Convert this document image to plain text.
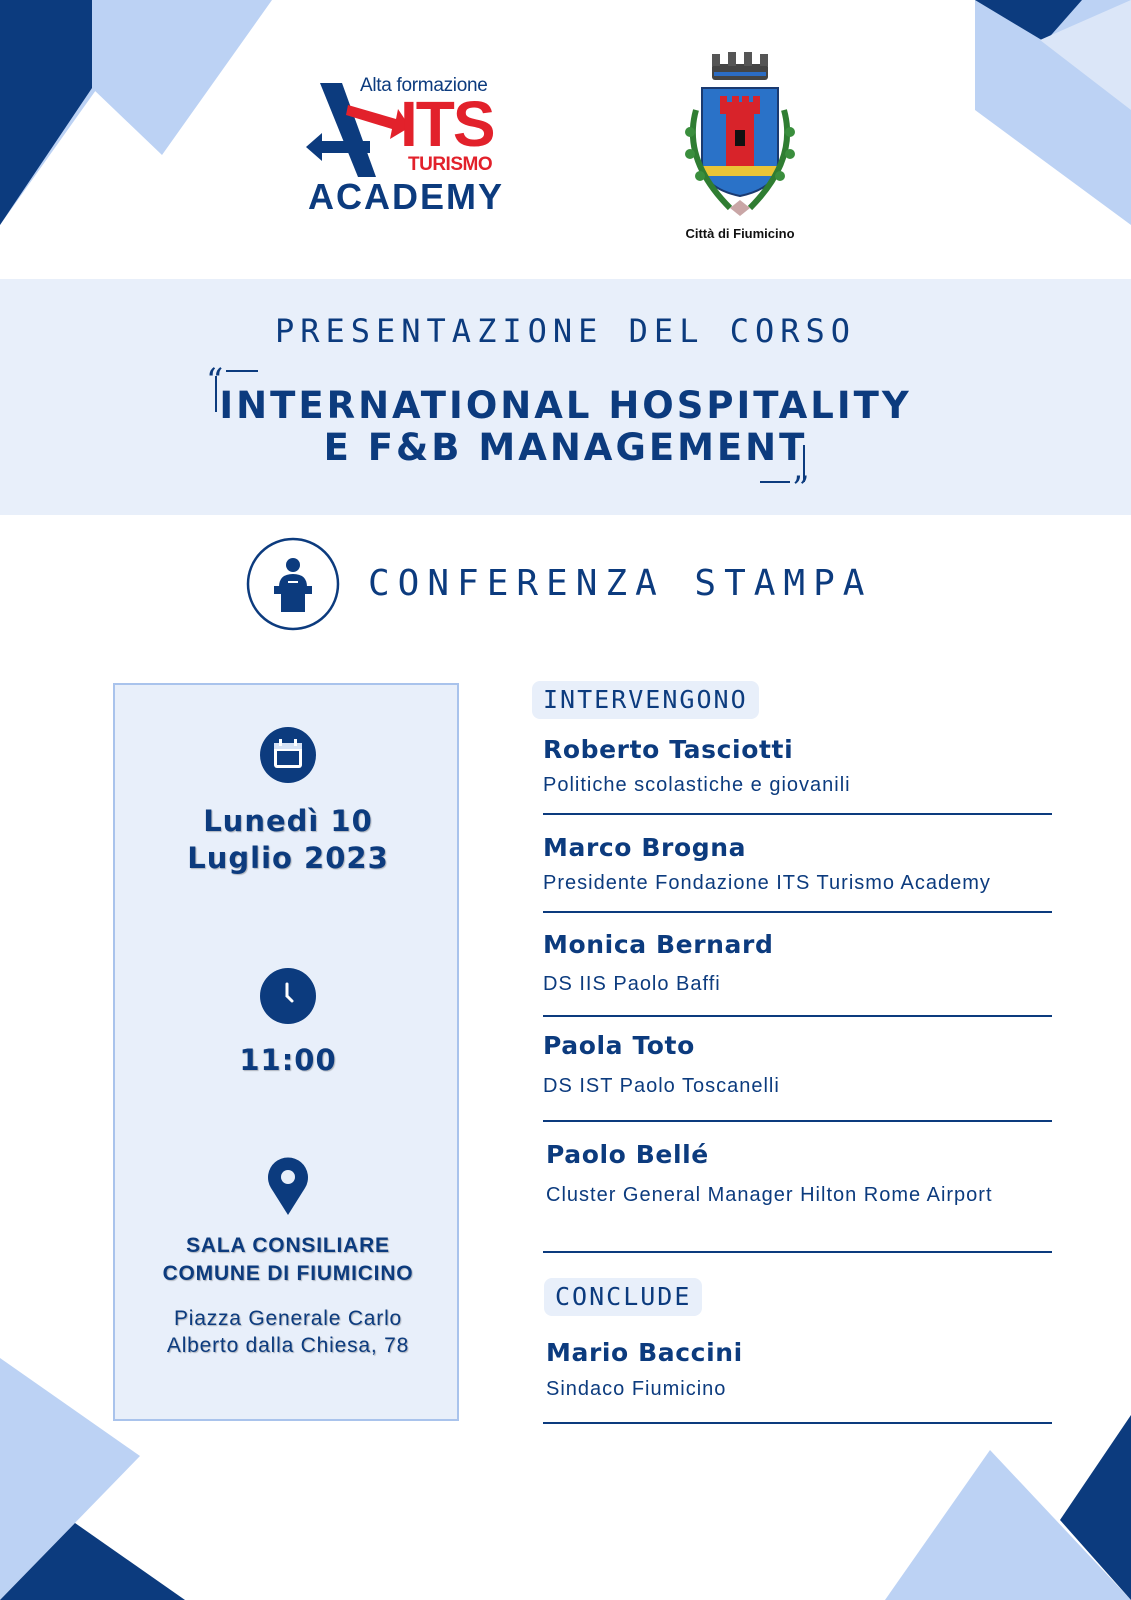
Alta formazione
ITS
TURISMO
ACADEMY
Città di Fiumicino
PRESENTAZIONE DEL CORSO
“
”
INTERNATIONAL HOSPITALITY
E F&B MANAGEMENT
CONFERENZA STAMPA
Lunedì 10
Luglio 2023
11:00
SALA CONSILIARE
COMUNE DI FIUMICINO
Piazza Generale Carlo
Alberto dalla Chiesa, 78
INTERVENGONO
Roberto Tasciotti
Politiche scolastiche e giovanili
Marco Brogna
Presidente Fondazione ITS Turismo Academy
Monica Bernard
DS IIS Paolo Baffi
Paola Toto
DS IST Paolo Toscanelli
Paolo Bellé
Cluster General Manager Hilton Rome Airport
CONCLUDE
Mario Baccini
Sindaco Fiumicino
